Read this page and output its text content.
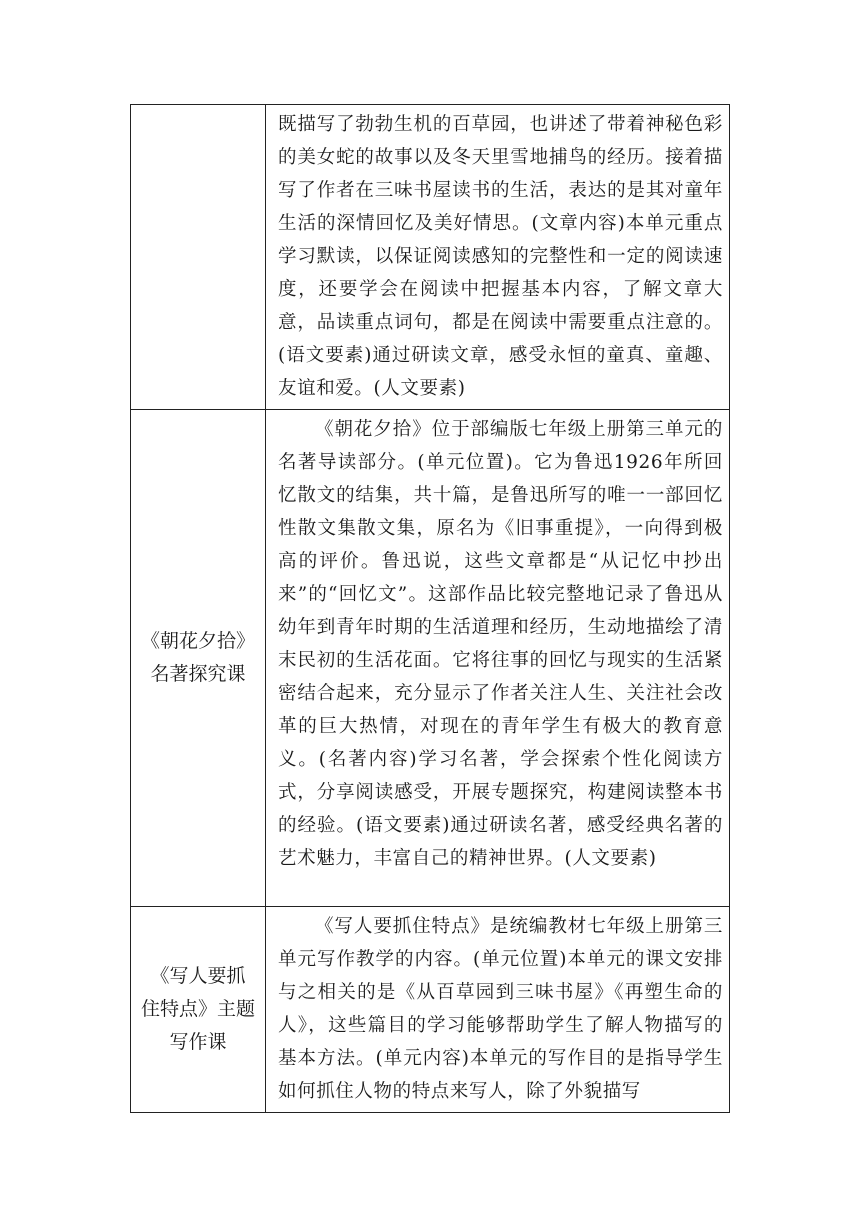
	既描写了勃勃生机的百草园，也讲述了带着神秘色彩的美女蛇的故事以及冬天里雪地捕鸟的经历。接着描写了作者在三味书屋读书的生活，表达的是其对童年生活的深情回忆及美好情思。(文章内容)本单元重点学习默读，以保证阅读感知的完整性和一定的阅读速度，还要学会在阅读中把握基本内容，了解文章大意，品读重点词句，都是在阅读中需要重点注意的。(语文要素)通过研读文章，感受永恒的童真、童趣、友谊和爱。(人文要素)

《朝花夕拾》
名著探究课	《朝花夕拾》位于部编版七年级上册第三单元的名著导读部分。(单元位置)。它为鲁迅1926年所回忆散文的结集，共十篇，是鲁迅所写的唯一一部回忆性散文集散文集，原名为《旧事重提》，一向得到极高的评价。鲁迅说，这些文章都是“从记忆中抄出来”的“回忆文”。这部作品比较完整地记录了鲁迅从幼年到青年时期的生活道理和经历，生动地描绘了清末民初的生活花面。它将往事的回忆与现实的生活紧密结合起来，充分显示了作者关注人生、关注社会改革的巨大热情，对现在的青年学生有极大的教育意义。(名著内容)学习名著，学会探索个性化阅读方式，分享阅读感受，开展专题探究，构建阅读整本书的经验。(语文要素)通过研读名著，感受经典名著的艺术魅力，丰富自己的精神世界。(人文要素)

《写人要抓
住特点》主题
写作课	《写人要抓住特点》是统编教材七年级上册第三单元写作教学的内容。(单元位置)本单元的课文安排与之相关的是《从百草园到三味书屋》《再塑生命的人》，这些篇目的学习能够帮助学生了解人物描写的基本方法。(单元内容)本单元的写作目的是指导学生如何抓住人物的特点来写人，除了外貌描写
